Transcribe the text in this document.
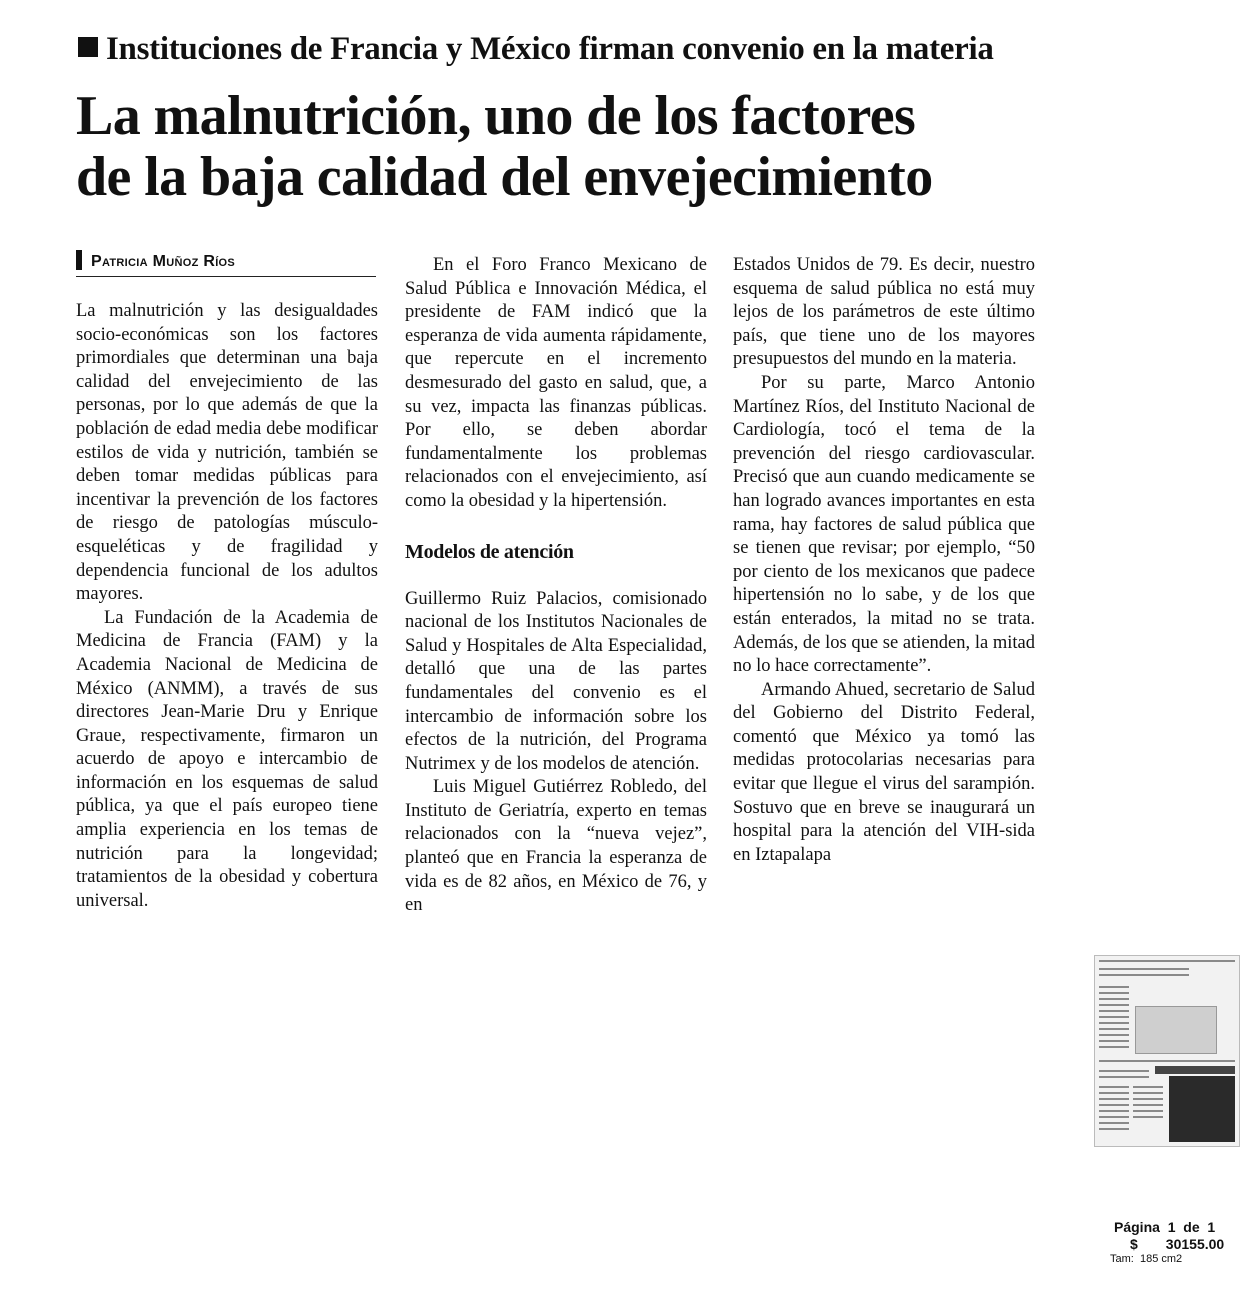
Instituciones de Francia y México firman convenio en la materia
La malnutrición, uno de los factores
de la baja calidad del envejecimiento
Patricia Muñoz Ríos

La malnutrición y las desigualdades socio-económicas son los factores primordiales que determinan una baja calidad del envejecimiento de las personas, por lo que además de que la población de edad media debe modificar estilos de vida y nutrición, también se deben tomar medidas públicas para incentivar la prevención de los factores de riesgo de patologías músculo-esqueléticas y de fragilidad y dependencia funcional de los adultos mayores.

La Fundación de la Academia de Medicina de Francia (FAM) y la Academia Nacional de Medicina de México (ANMM), a través de sus directores Jean-Marie Dru y Enrique Graue, respectivamente, firmaron un acuerdo de apoyo e intercambio de información en los esquemas de salud pública, ya que el país europeo tiene amplia experiencia en los temas de nutrición para la longevidad; tratamientos de la obesidad y cobertura universal.

En el Foro Franco Mexicano de Salud Pública e Innovación Médica, el presidente de FAM indicó que la esperanza de vida aumenta rápidamente, que repercute en el incremento desmesurado del gasto en salud, que, a su vez, impacta las finanzas públicas. Por ello, se deben abordar fundamentalmente los problemas relacionados con el envejecimiento, así como la obesidad y la hipertensión.

Modelos de atención

Guillermo Ruiz Palacios, comisionado nacional de los Institutos Nacionales de Salud y Hospitales de Alta Especialidad, detalló que una de las partes fundamentales del convenio es el intercambio de información sobre los efectos de la nutrición, del Programa Nutrimex y de los modelos de atención.

Luis Miguel Gutiérrez Robledo, del Instituto de Geriatría, experto en temas relacionados con la “nueva vejez”, planteó que en Francia la esperanza de vida es de 82 años, en México de 76, y en

Estados Unidos de 79. Es decir, nuestro esquema de salud pública no está muy lejos de los parámetros de este último país, que tiene uno de los mayores presupuestos del mundo en la materia.

Por su parte, Marco Antonio Martínez Ríos, del Instituto Nacional de Cardiología, tocó el tema de la prevención del riesgo cardiovascular. Precisó que aun cuando medicamente se han logrado avances importantes en esta rama, hay factores de salud pública que se tienen que revisar; por ejemplo, “50 por ciento de los mexicanos que padece hipertensión no lo sabe, y de los que están enterados, la mitad no se trata. Además, de los que se atienden, la mitad no lo hace correctamente”.

Armando Ahued, secretario de Salud del Gobierno del Distrito Federal, comentó que México ya tomó las medidas protocolarias necesarias para evitar que llegue el virus del sarampión. Sostuvo que en breve se inaugurará un hospital para la atención del VIH-sida en Iztapalapa

Página 1 de 1
$ 30155.00
Tam: 185 cm2
